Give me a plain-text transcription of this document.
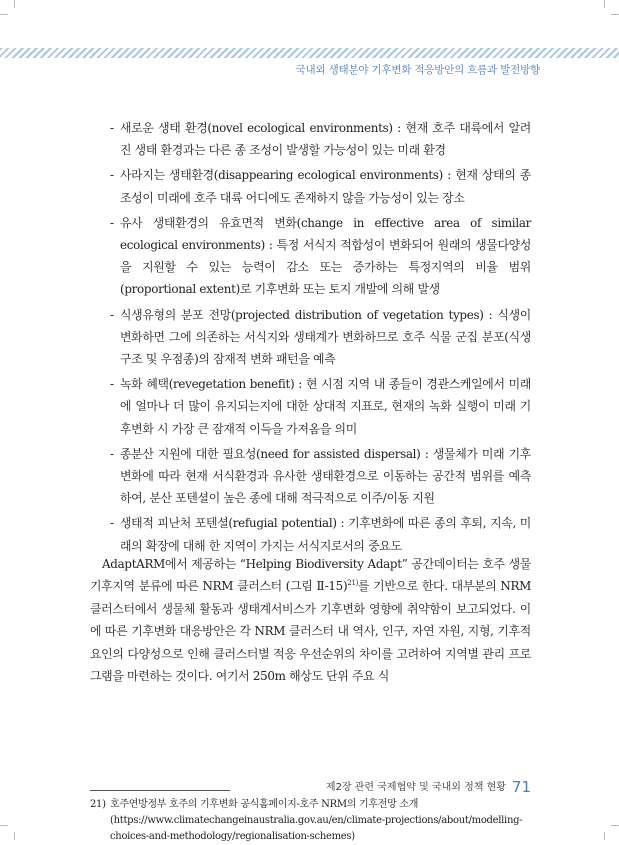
국내외 생태분야 기후변화 적응방안의 흐름과 발전방향
- 새로운 생태 환경(novel ecological environments) : 현재 호주 대륙에서 알려진 생태 환경과는 다른 종 조성이 발생할 가능성이 있는 미래 환경
- 사라지는 생태환경(disappearing ecological environments) : 현재 상태의 종조성이 미래에 호주 대륙 어디에도 존재하지 않을 가능성이 있는 장소
- 유사 생태환경의 유효면적 변화(change in effective area of similar ecological environments) : 특정 서식지 적합성이 변화되어 원래의 생물다양성을 지원할 수 있는 능력이 감소 또는 증가하는 특정지역의 비율 범위(proportional extent)로 기후변화 또는 토지 개발에 의해 발생
- 식생유형의 분포 전망(projected distribution of vegetation types) : 식생이 변화하면 그에 의존하는 서식지와 생태계가 변화하므로 호주 식물 군집 분포(식생구조 및 우점종)의 잠재적 변화 패턴을 예측
- 녹화 혜택(revegetation benefit) : 현 시점 지역 내 종들이 경관스케일에서 미래에 얼마나 더 많이 유지되는지에 대한 상대적 지표로, 현재의 녹화 실행이 미래 기후변화 시 가장 큰 잠재적 이득을 가져옴을 의미
- 종분산 지원에 대한 필요성(need for assisted dispersal) : 생물체가 미래 기후변화에 따라 현재 서식환경과 유사한 생태환경으로 이동하는 공간적 범위를 예측하여, 분산 포텐셜이 높은 종에 대해 적극적으로 이주/이동 지원
- 생태적 피난처 포텐셜(refugial potential) : 기후변화에 따른 종의 후퇴, 지속, 미래의 확장에 대해 한 지역이 가지는 서식지로서의 중요도

AdaptARM에서 제공하는 “Helping Biodiversity Adapt” 공간데이터는 호주 생물기후지역 분류에 따른 NRM 클러스터 (그림 Ⅱ-15)$^{21)}$를 기반으로 한다. 대부분의 NRM 클러스터에서 생물체 활동과 생태계서비스가 기후변화 영향에 취약함이 보고되었다. 이에 따른 기후변화 대응방안은 각 NRM 클러스터 내 역사, 인구, 자연 자원, 지형, 기후적 요인의 다양성으로 인해 클러스터별 적응 우선순위의 차이를 고려하여 지역별 관리 프로그램을 마련하는 것이다. 여기서 250m 해상도 단위 주요 식

21) 호주연방정부 호주의 기후변화 공식홈페이지-호주 NRM의 기후전망 소개
(https://www.climatechangeinaustralia.gov.au/en/climate-projections/about/modelling-choices-and-methodology/regionalisation-schemes)
제2장 관련 국제협약 및 국내외 정책 현황 71
